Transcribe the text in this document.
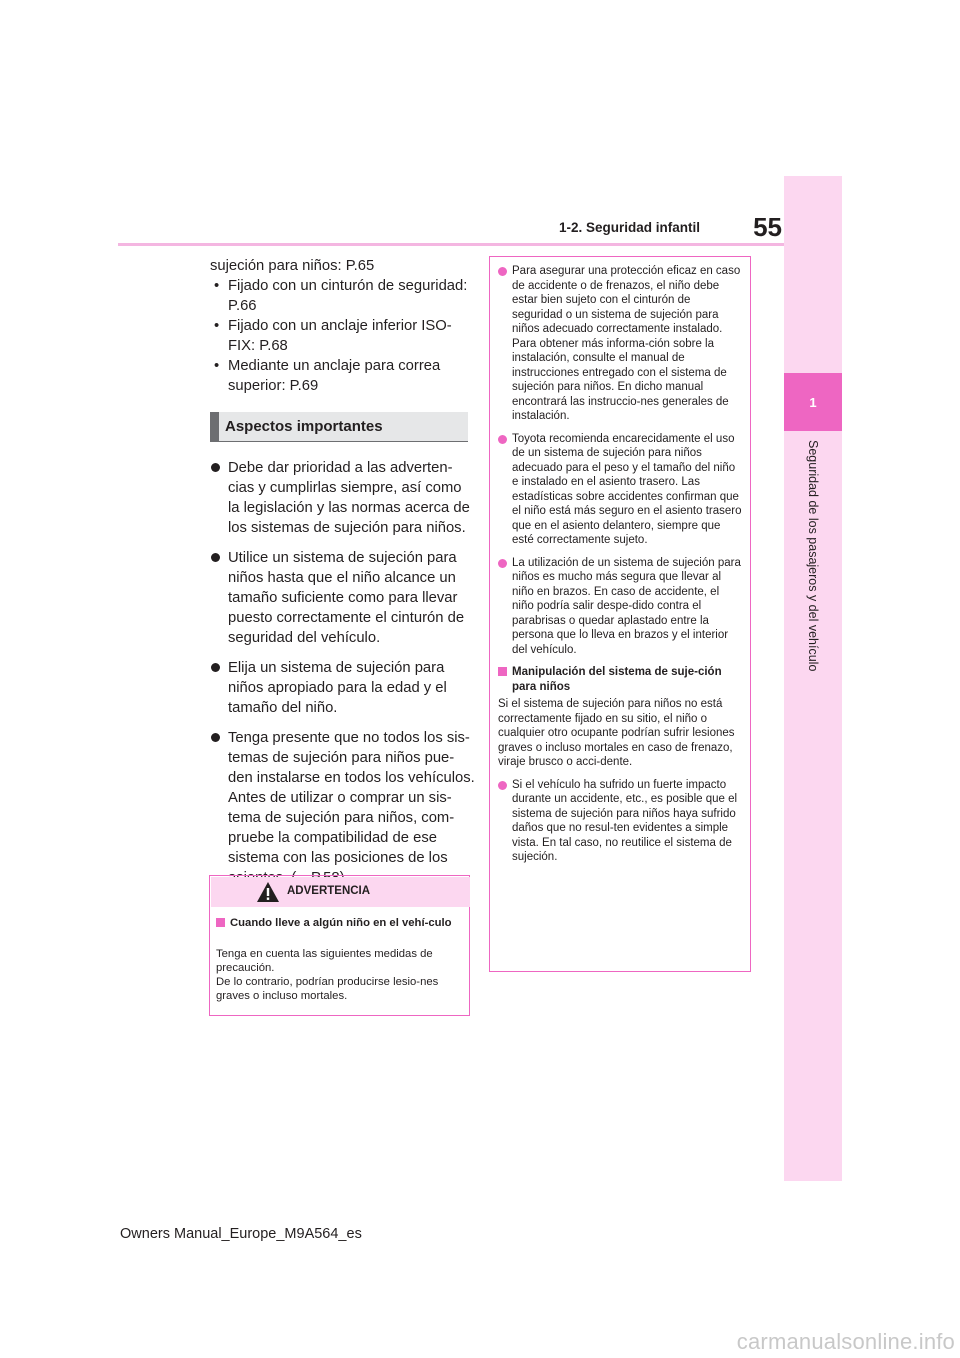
55
1-2. Seguridad infantil
1
Seguridad de los pasajeros y del vehículo
sujeción para niños: P.65
• Fijado con un cinturón de seguridad: P.66
• Fijado con un anclaje inferior ISO-FIX: P.68
• Mediante un anclaje para correa superior: P.69
Aspectos importantes
Debe dar prioridad a las adverten-cias y cumplirlas siempre, así como la legislación y las normas acerca de los sistemas de sujeción para niños.
Utilice un sistema de sujeción para niños hasta que el niño alcance un tamaño suficiente como para llevar puesto correctamente el cinturón de seguridad del vehículo.
Elija un sistema de sujeción para niños apropiado para la edad y el tamaño del niño.
Tenga presente que no todos los sis-temas de sujeción para niños pue-den instalarse en todos los vehículos.
Antes de utilizar o comprar un sis-tema de sujeción para niños, com-pruebe la compatibilidad de ese sistema con las posiciones de los
ADVERTENCIA
Cuando lleve a algún niño en el vehí-culo
Tenga en cuenta las siguientes medidas de precaución.
De lo contrario, podrían producirse lesio-nes graves o incluso mortales.
Para asegurar una protección eficaz en caso de accidente o de frenazos, el niño debe estar bien sujeto con el cinturón de seguridad o un sistema de sujeción para niños adecuado correctamente instalado. Para obtener más informa-ción sobre la instalación, consulte el manual de instrucciones entregado con el sistema de sujeción para niños. En dicho manual encontrará las instruccio-nes generales de instalación.
Toyota recomienda encarecidamente el uso de un sistema de sujeción para niños adecuado para el peso y el tamaño del niño e instalado en el asiento trasero. Las estadísticas sobre accidentes confirman que el niño está más seguro en el asiento trasero que en el asiento delantero, siempre que esté correctamente sujeto.
La utilización de un sistema de sujeción para niños es mucho más segura que llevar al niño en brazos. En caso de accidente, el niño podría salir despe-dido contra el parabrisas o quedar aplastado entre la persona que lo lleva en brazos y el interior del vehículo.
Manipulación del sistema de suje-ción para niños
Si el sistema de sujeción para niños no está correctamente fijado en su sitio, el niño o cualquier otro ocupante podrían sufrir lesiones graves o incluso mortales en caso de frenazo, viraje brusco o acci-dente.
Si el vehículo ha sufrido un fuerte impacto durante un accidente, etc., es posible que el sistema de sujeción para niños haya sufrido daños que no resul-ten evidentes a simple vista. En tal caso, no reutilice el sistema de sujeción.
Owners Manual_Europe_M9A564_es
carmanualsonline.info
